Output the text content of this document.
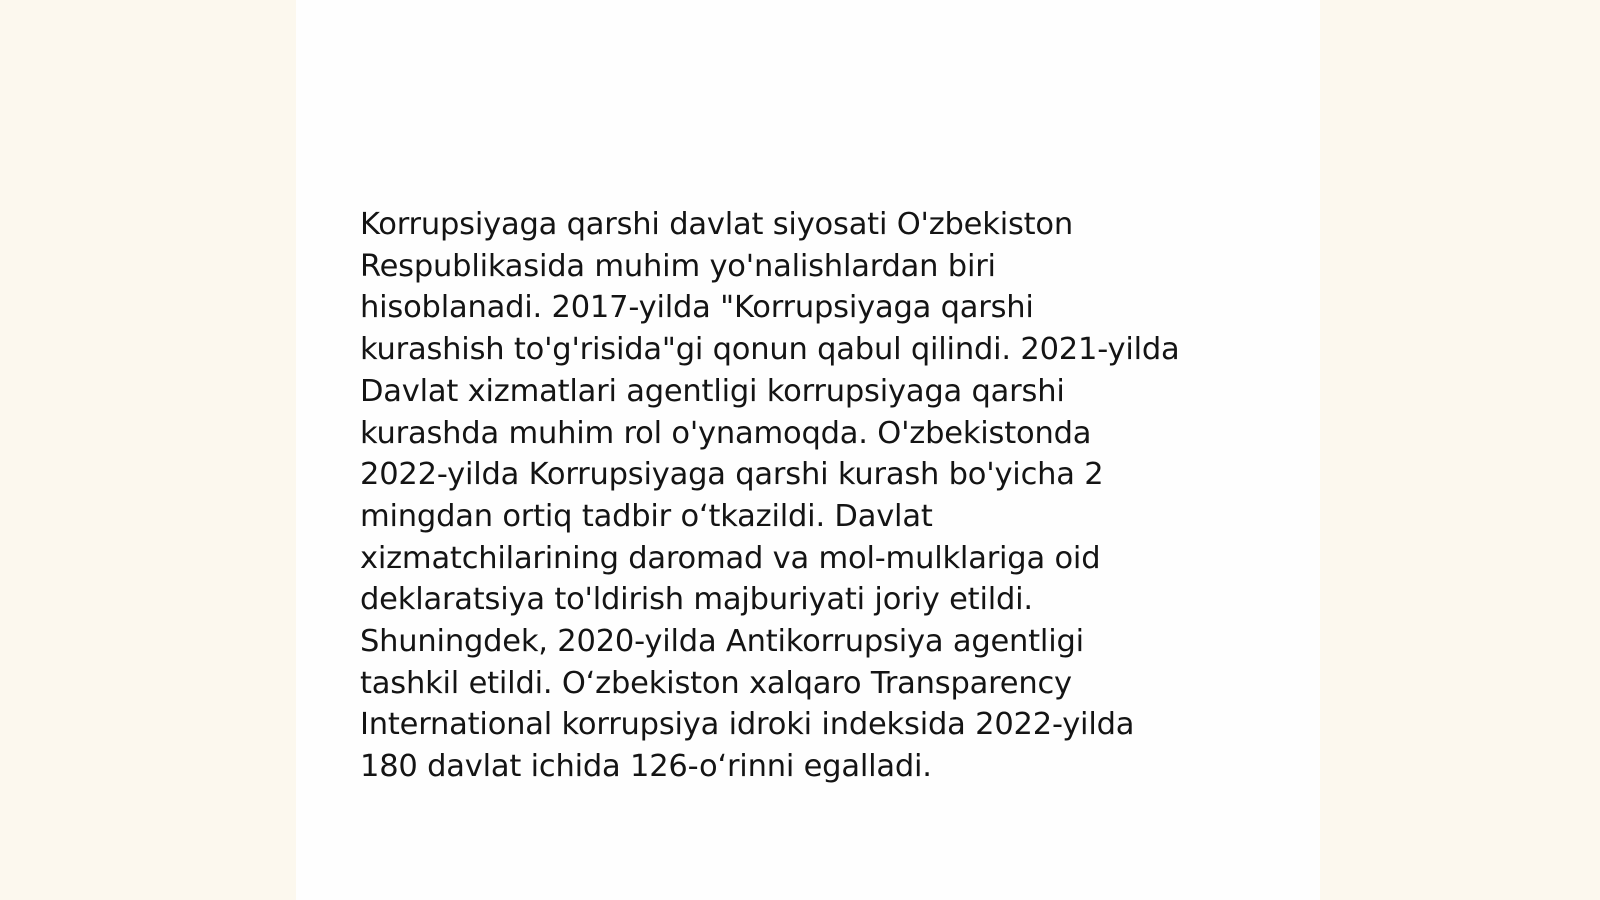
Korrupsiyaga qarshi davlat siyosati O'zbekiston
Respublikasida muhim yo'nalishlardan biri
hisoblanadi. 2017-yilda "Korrupsiyaga qarshi
kurashish to'g'risida"gi qonun qabul qilindi. 2021-yilda
Davlat xizmatlari agentligi korrupsiyaga qarshi
kurashda muhim rol o'ynamoqda. O'zbekistonda
2022-yilda Korrupsiyaga qarshi kurash bo'yicha 2
mingdan ortiq tadbir o‘tkazildi. Davlat
xizmatchilarining daromad va mol-mulklariga oid
deklaratsiya to'ldirish majburiyati joriy etildi.
Shuningdek, 2020-yilda Antikorrupsiya agentligi
tashkil etildi. O‘zbekiston xalqaro Transparency
International korrupsiya idroki indeksida 2022-yilda
180 davlat ichida 126-o‘rinni egalladi.
